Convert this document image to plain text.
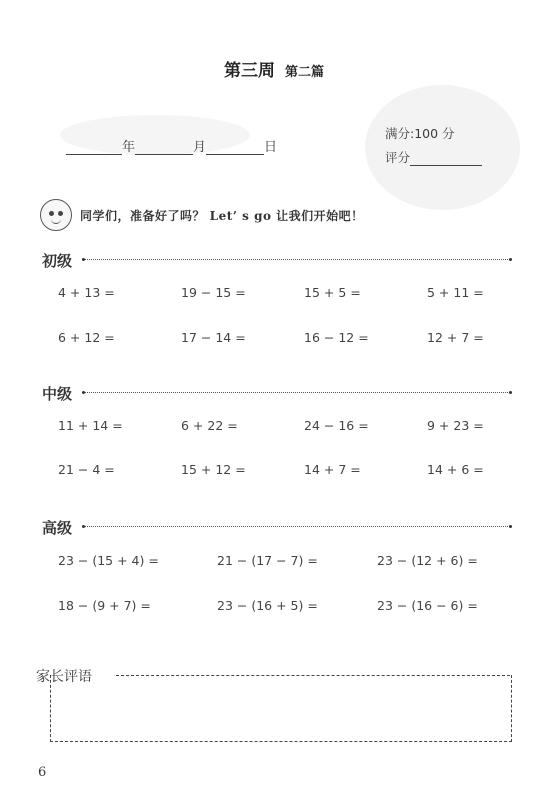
第三周 第二篇
年	月	日
满分:100 分
评分
同学们，准备好了吗？ Let’ s go 让我们开始吧！
初级
4 + 13 =	19 − 15 =	15 + 5 =	5 + 11 =
6 + 12 =	17 − 14 =	16 − 12 =	12 + 7 =
中级
11 + 14 =	6 + 22 =	24 − 16 =	9 + 23 =
21 − 4 =	15 + 12 =	14 + 7 =	14 + 6 =
高级
23 − (15 + 4) =	21 − (17 − 7) =	23 − (12 + 6) =
18 − (9 + 7) =	23 − (16 + 5) =	23 − (16 − 6) =
家长评语
6
